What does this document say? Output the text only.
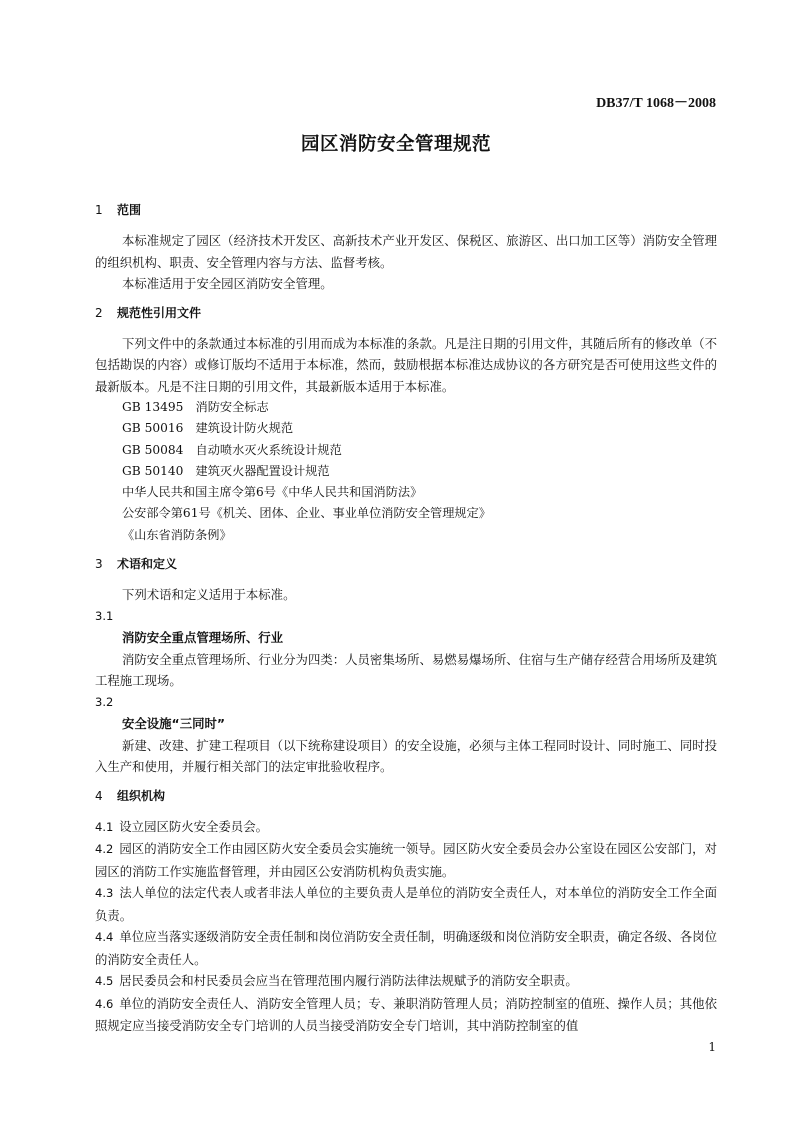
DB37/T 1068－2008
园区消防安全管理规范
1 范围
本标准规定了园区（经济技术开发区、高新技术产业开发区、保税区、旅游区、出口加工区等）消防安全管理的组织机构、职责、安全管理内容与方法、监督考核。
本标准适用于安全园区消防安全管理。
2 规范性引用文件
下列文件中的条款通过本标准的引用而成为本标准的条款。凡是注日期的引用文件，其随后所有的修改单（不包括勘误的内容）或修订版均不适用于本标准，然而，鼓励根据本标准达成协议的各方研究是否可使用这些文件的最新版本。凡是不注日期的引用文件，其最新版本适用于本标准。
GB 13495　消防安全标志
GB 50016　建筑设计防火规范
GB 50084　自动喷水灭火系统设计规范
GB 50140　建筑灭火器配置设计规范
中华人民共和国主席令第6号《中华人民共和国消防法》
公安部令第61号《机关、团体、企业、事业单位消防安全管理规定》
《山东省消防条例》
3 术语和定义
下列术语和定义适用于本标准。
3.1
消防安全重点管理场所、行业
消防安全重点管理场所、行业分为四类：人员密集场所、易燃易爆场所、住宿与生产储存经营合用场所及建筑工程施工现场。
3.2
安全设施“三同时”
新建、改建、扩建工程项目（以下统称建设项目）的安全设施，必须与主体工程同时设计、同时施工、同时投入生产和使用，并履行相关部门的法定审批验收程序。
4 组织机构
4.1 设立园区防火安全委员会。
4.2 园区的消防安全工作由园区防火安全委员会实施统一领导。园区防火安全委员会办公室设在园区公安部门，对园区的消防工作实施监督管理，并由园区公安消防机构负责实施。
4.3 法人单位的法定代表人或者非法人单位的主要负责人是单位的消防安全责任人，对本单位的消防安全工作全面负责。
4.4 单位应当落实逐级消防安全责任制和岗位消防安全责任制，明确逐级和岗位消防安全职责，确定各级、各岗位的消防安全责任人。
4.5 居民委员会和村民委员会应当在管理范围内履行消防法律法规赋予的消防安全职责。
4.6 单位的消防安全责任人、消防安全管理人员；专、兼职消防管理人员；消防控制室的值班、操作人员；其他依照规定应当接受消防安全专门培训的人员当接受消防安全专门培训，其中消防控制室的值
1
